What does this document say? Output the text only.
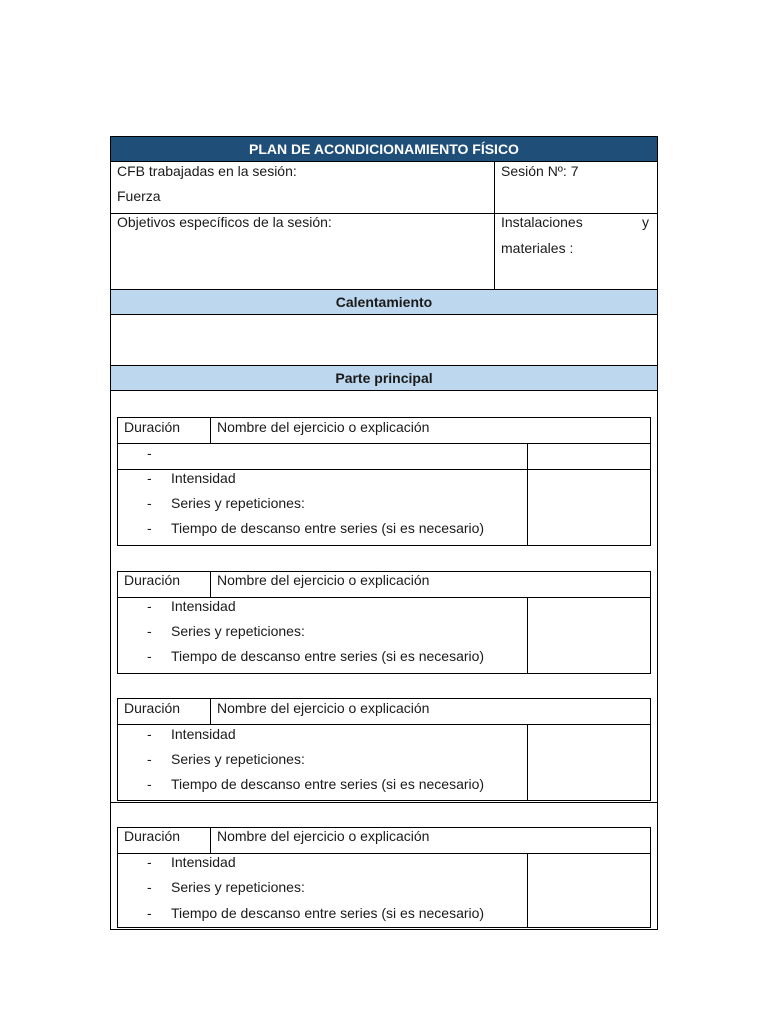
PLAN DE ACONDICIONAMIENTO FÍSICO
CFB trabajadas en la sesión:
Fuerza
Sesión Nº: 7
Objetivos específicos de la sesión:	Instalaciones	y
materiales :
Calentamiento
Parte principal
Duración	Nombre del ejercicio o explicación
-
- Intensidad
- Series y repeticiones:
- Tiempo de descanso entre series (si es necesario)
Duración	Nombre del ejercicio o explicación
- Intensidad
- Series y repeticiones:
- Tiempo de descanso entre series (si es necesario)
Duración	Nombre del ejercicio o explicación
- Intensidad
- Series y repeticiones:
- Tiempo de descanso entre series (si es necesario)
Duración	Nombre del ejercicio o explicación
- Intensidad
- Series y repeticiones:
- Tiempo de descanso entre series (si es necesario)
